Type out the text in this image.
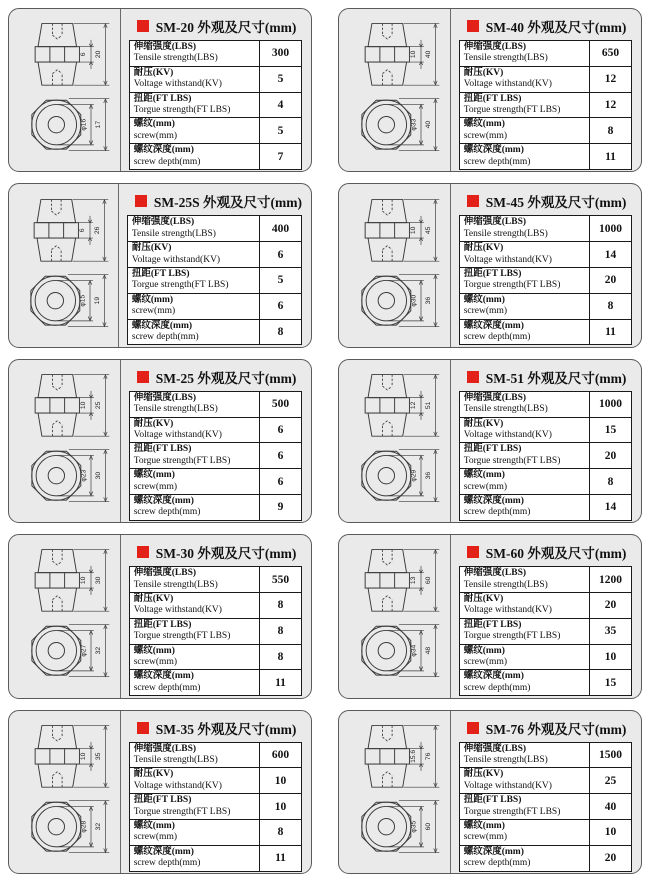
6 20
φ16 17
SM-20 外观及尺寸(mm)
伸缩强度(LBS)
Tensile strength(LBS)	300

耐压(KV)
Voltage withstand(KV)	5

扭距(FT LBS)
Torgue strength(FT LBS)	4

螺纹(mm)
screw(mm)	5

螺纹深度(mm)
screw depth(mm)	7
6 26
φ15 19
SM-25S 外观及尺寸(mm)
伸缩强度(LBS)
Tensile strength(LBS)	400

耐压(KV)
Voltage withstand(KV)	6

扭距(FT LBS)
Torgue strength(FT LBS)	5

螺纹(mm)
screw(mm)	6

螺纹深度(mm)
screw depth(mm)	8
10 25
φ23 30
SM-25 外观及尺寸(mm)
伸缩强度(LBS)
Tensile strength(LBS)	500

耐压(KV)
Voltage withstand(KV)	6

扭距(FT LBS)
Torgue strength(FT LBS)	6

螺纹(mm)
screw(mm)	6

螺纹深度(mm)
screw depth(mm)	9
10 30
φ27 32
SM-30 外观及尺寸(mm)
伸缩强度(LBS)
Tensile strength(LBS)	550

耐压(KV)
Voltage withstand(KV)	8

扭距(FT LBS)
Torgue strength(FT LBS)	8

螺纹(mm)
screw(mm)	8

螺纹深度(mm)
screw depth(mm)	11
10 35
φ28 32
SM-35 外观及尺寸(mm)
伸缩强度(LBS)
Tensile strength(LBS)	600

耐压(KV)
Voltage withstand(KV)	10

扭距(FT LBS)
Torgue strength(FT LBS)	10

螺纹(mm)
screw(mm)	8

螺纹深度(mm)
screw depth(mm)	11
10 40
φ33 40
SM-40 外观及尺寸(mm)
伸缩强度(LBS)
Tensile strength(LBS)	650

耐压(KV)
Voltage withstand(KV)	12

扭距(FT LBS)
Torgue strength(FT LBS)	12

螺纹(mm)
screw(mm)	8

螺纹深度(mm)
screw depth(mm)	11
10 45
φ30 36
SM-45 外观及尺寸(mm)
伸缩强度(LBS)
Tensile strength(LBS)	1000

耐压(KV)
Voltage withstand(KV)	14

扭距(FT LBS)
Torgue strength(FT LBS)	20

螺纹(mm)
screw(mm)	8

螺纹深度(mm)
screw depth(mm)	11
12 51
φ29 36
SM-51 外观及尺寸(mm)
伸缩强度(LBS)
Tensile strength(LBS)	1000

耐压(KV)
Voltage withstand(KV)	15

扭距(FT LBS)
Torgue strength(FT LBS)	20

螺纹(mm)
screw(mm)	8

螺纹深度(mm)
screw depth(mm)	14
13 60
φ34 48
SM-60 外观及尺寸(mm)
伸缩强度(LBS)
Tensile strength(LBS)	1200

耐压(KV)
Voltage withstand(KV)	20

扭距(FT LBS)
Torgue strength(FT LBS)	35

螺纹(mm)
screw(mm)	10

螺纹深度(mm)
screw depth(mm)	15
15.6 76
φ35 60
SM-76 外观及尺寸(mm)
伸缩强度(LBS)
Tensile strength(LBS)	1500

耐压(KV)
Voltage withstand(KV)	25

扭距(FT LBS)
Torgue strength(FT LBS)	40

螺纹(mm)
screw(mm)	10

螺纹深度(mm)
screw depth(mm)	20
